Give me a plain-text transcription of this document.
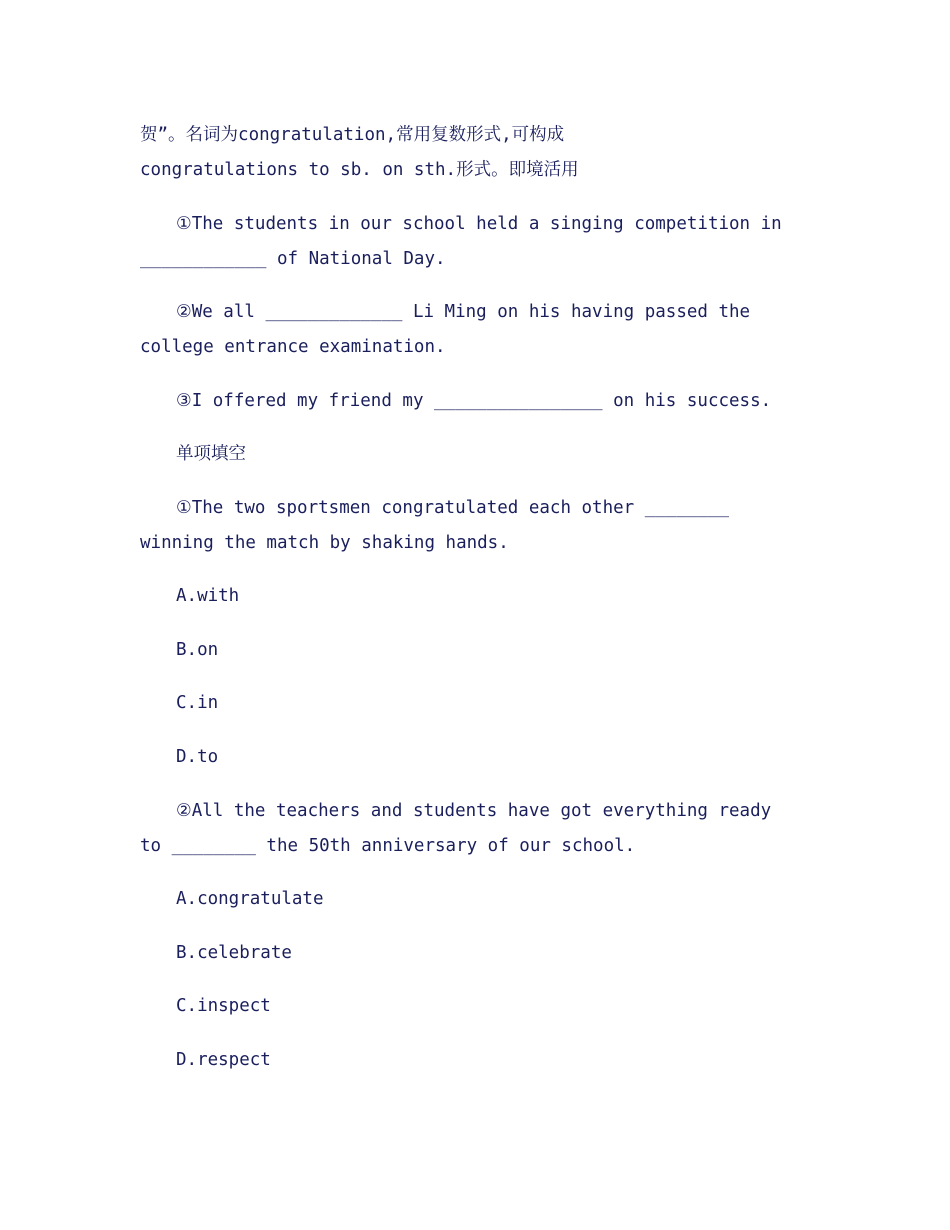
贺”。名词为congratulation,常用复数形式,可构成
congratulations to sb. on sth.形式。即境活用
①The students in our school held a singing competition in
____________ of National Day.
②We all _____________ Li Ming on his having passed the
college entrance examination.
③I offered my friend my ________________ on his success.
单项填空
①The two sportsmen congratulated each other ________
winning the match by shaking hands.
A.with
B.on
C.in
D.to
②All the teachers and students have got everything ready
to ________ the 50th anniversary of our school.
A.congratulate
B.celebrate
C.inspect
D.respect
